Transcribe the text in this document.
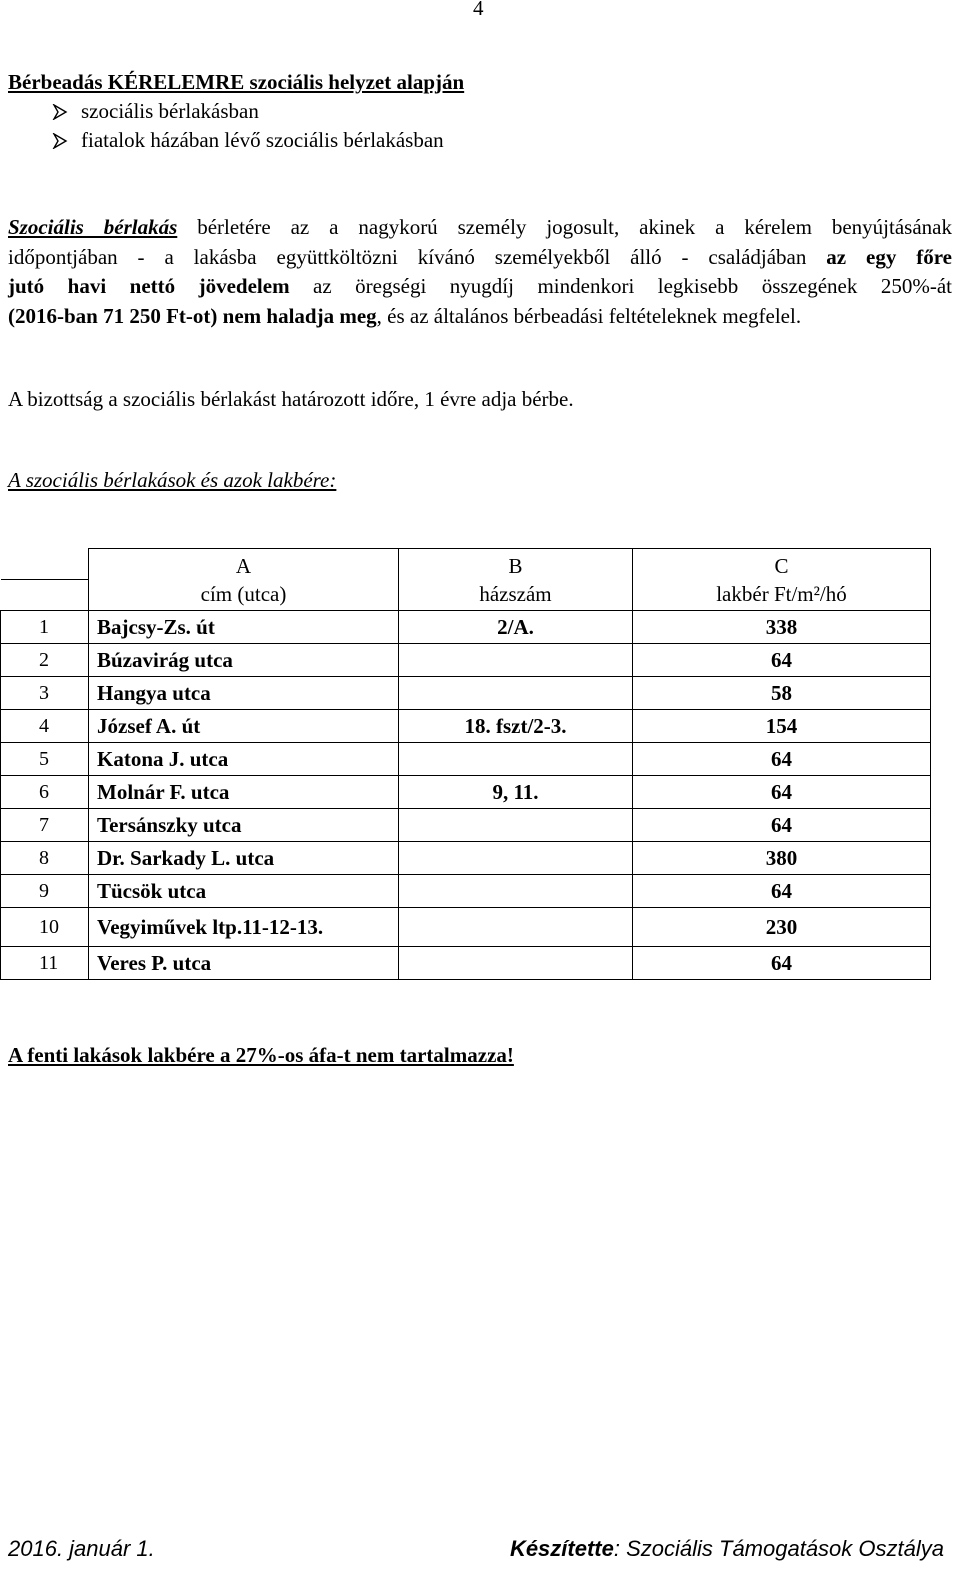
4
Bérbeadás KÉRELEMRE szociális helyzet alapján
szociális bérlakásban
fiatalok házában lévő szociális bérlakásban
Szociális bérlakás bérletére az a nagykorú személy jogosult, akinek a kérelem benyújtásának
időpontjában - a lakásba együttköltözni kívánó személyekből álló - családjában az egy főre
jutó havi nettó jövedelem az öregségi nyugdíj mindenkori legkisebb összegének 250%-át
(2016-ban 71 250 Ft-ot) nem haladja meg, és az általános bérbeadási feltételeknek megfelel.
A bizottság a szociális bérlakást határozott időre, 1 évre adja bérbe.
A szociális bérlakások és azok lakbére:
	A	B	C
	cím (utca)	házszám	lakbér Ft/m²/hó
1	Bajcsy-Zs. út	2/A.	338
2	Búzavirág utca		64
3	Hangya utca		58
4	József A. út	18. fszt/2-3.	154
5	Katona J. utca		64
6	Molnár F. utca	9, 11.	64
7	Tersánszky utca		64
8	Dr. Sarkady L. utca		380
9	Tücsök utca		64
10	Vegyiművek ltp.11-12-13.		230
11	Veres P. utca		64
A fenti lakások lakbére a 27%-os áfa-t nem tartalmazza!
2016. január 1.	Készítette: Szociális Támogatások Osztálya
